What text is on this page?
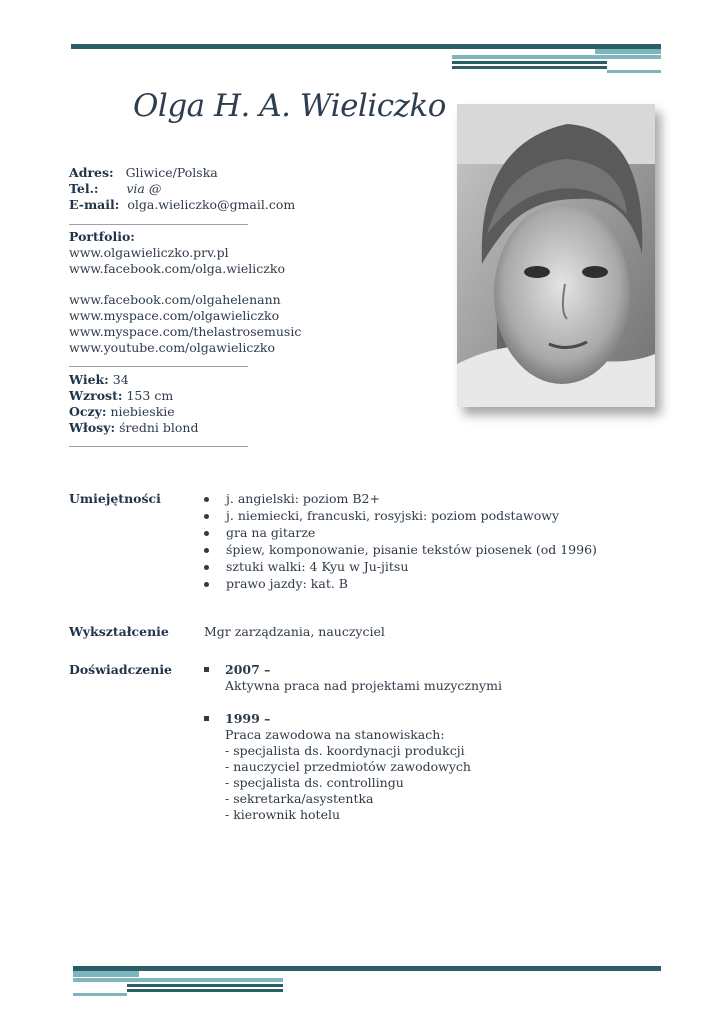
Olga H. A. Wieliczko
Adres: Gliwice/Polska
Tel.: via @
E-mail: olga.wieliczko@gmail.com
Portfolio:
www.olgawieliczko.prv.pl
www.facebook.com/olga.wieliczko
www.facebook.com/olgahelenann
www.myspace.com/olgawieliczko
www.myspace.com/thelastrosemusic
www.youtube.com/olgawieliczko
Wiek: 34
Wzrost: 153 cm
Oczy: niebieskie
Włosy: średni blond
Umiejętności	j. angielski: poziom B2+
j. niemiecki, francuski, rosyjski: poziom podstawowy
gra na gitarze
śpiew, komponowanie, pisanie tekstów piosenek (od 1996)
sztuki walki: 4 Kyu w Ju-jitsu
prawo jazdy: kat. B
Wykształcenie	Mgr zarządzania, nauczyciel
Doświadczenie	2007 –
Aktywna praca nad projektami muzycznymi
1999 –
Praca zawodowa na stanowiskach:
- specjalista ds. koordynacji produkcji
- nauczyciel przedmiotów zawodowych
- specjalista ds. controllingu
- sekretarka/asystentka
- kierownik hotelu
